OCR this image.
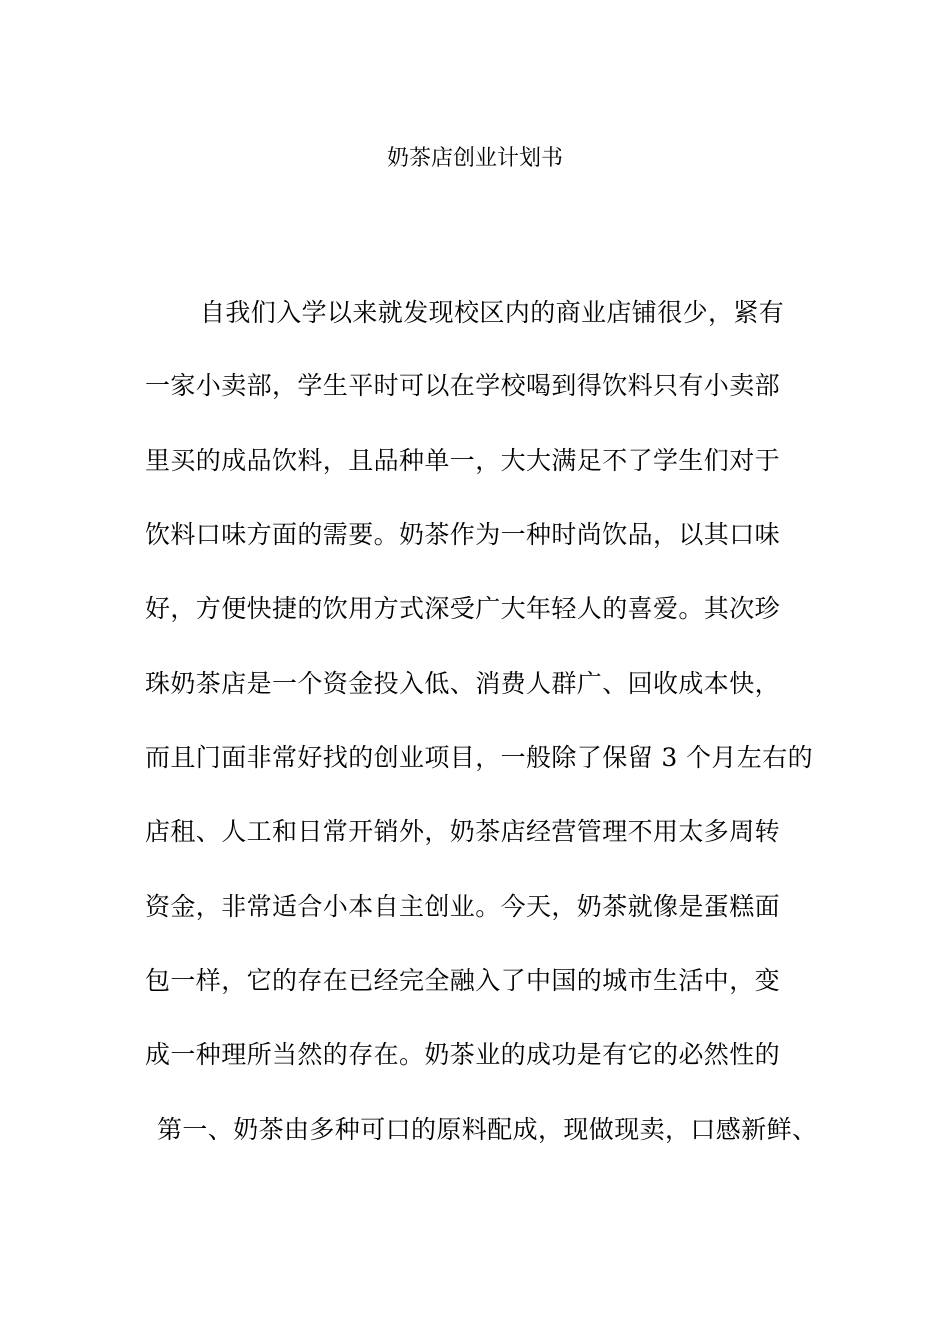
奶茶店创业计划书
自我们入学以来就发现校区内的商业店铺很少，紧有
一家小卖部，学生平时可以在学校喝到得饮料只有小卖部
里买的成品饮料，且品种单一，大大满足不了学生们对于
饮料口味方面的需要。奶茶作为一种时尚饮品，以其口味
好，方便快捷的饮用方式深受广大年轻人的喜爱。其次珍
珠奶茶店是一个资金投入低、消费人群广、回收成本快，
而且门面非常好找的创业项目，一般除了保留 3 个月左右的
店租、人工和日常开销外，奶茶店经营管理不用太多周转
资金，非常适合小本自主创业。今天，奶茶就像是蛋糕面
包一样，它的存在已经完全融入了中国的城市生活中，变
成一种理所当然的存在。奶茶业的成功是有它的必然性的
第一、奶茶由多种可口的原料配成，现做现卖，口感新鲜、
